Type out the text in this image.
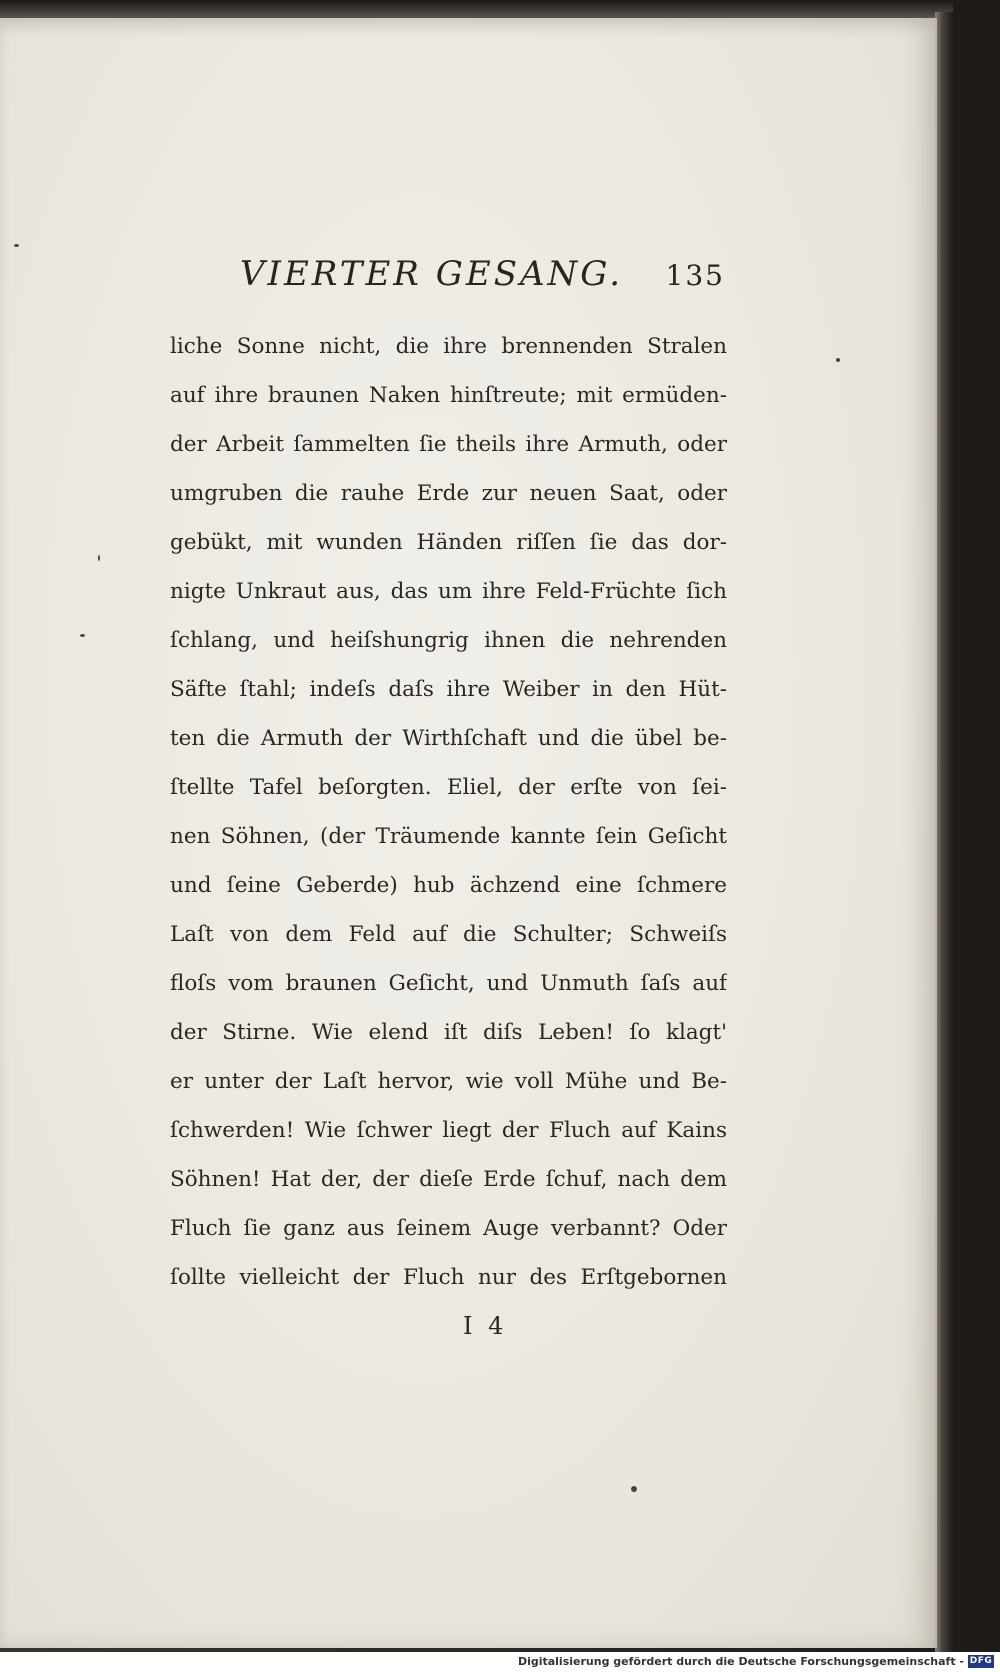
VIERTER GESANG. 135
liche Sonne nicht, die ihre brennenden Stralen
auf ihre braunen Naken hinſtreute; mit ermüden-
der Arbeit ſammelten ſie theils ihre Armuth, oder
umgruben die rauhe Erde zur neuen Saat, oder
gebükt, mit wunden Händen riſſen ſie das dor-
nigte Unkraut aus, das um ihre Feld-Früchte ſich
ſchlang, und heiſshungrig ihnen die nehrenden
Säfte ſtahl; indeſs daſs ihre Weiber in den Hüt-
ten die Armuth der Wirthſchaft und die übel be-
ſtellte Tafel beſorgten. Eliel, der erſte von ſei-
nen Söhnen, (der Träumende kannte ſein Geſicht
und ſeine Geberde) hub ächzend eine ſchmere
Laſt von dem Feld auf die Schulter; Schweiſs
floſs vom braunen Geſicht, und Unmuth ſaſs auf
der Stirne. Wie elend iſt diſs Leben! ſo klagt'
er unter der Laſt hervor, wie voll Mühe und Be-
ſchwerden! Wie ſchwer liegt der Fluch auf Kains
Söhnen! Hat der, der dieſe Erde ſchuf, nach dem
Fluch ſie ganz aus ſeinem Auge verbannt? Oder
ſollte vielleicht der Fluch nur des Erſtgebornen
I 4
Digitalisierung gefördert durch die Deutsche Forschungsgemeinschaft - DFG
